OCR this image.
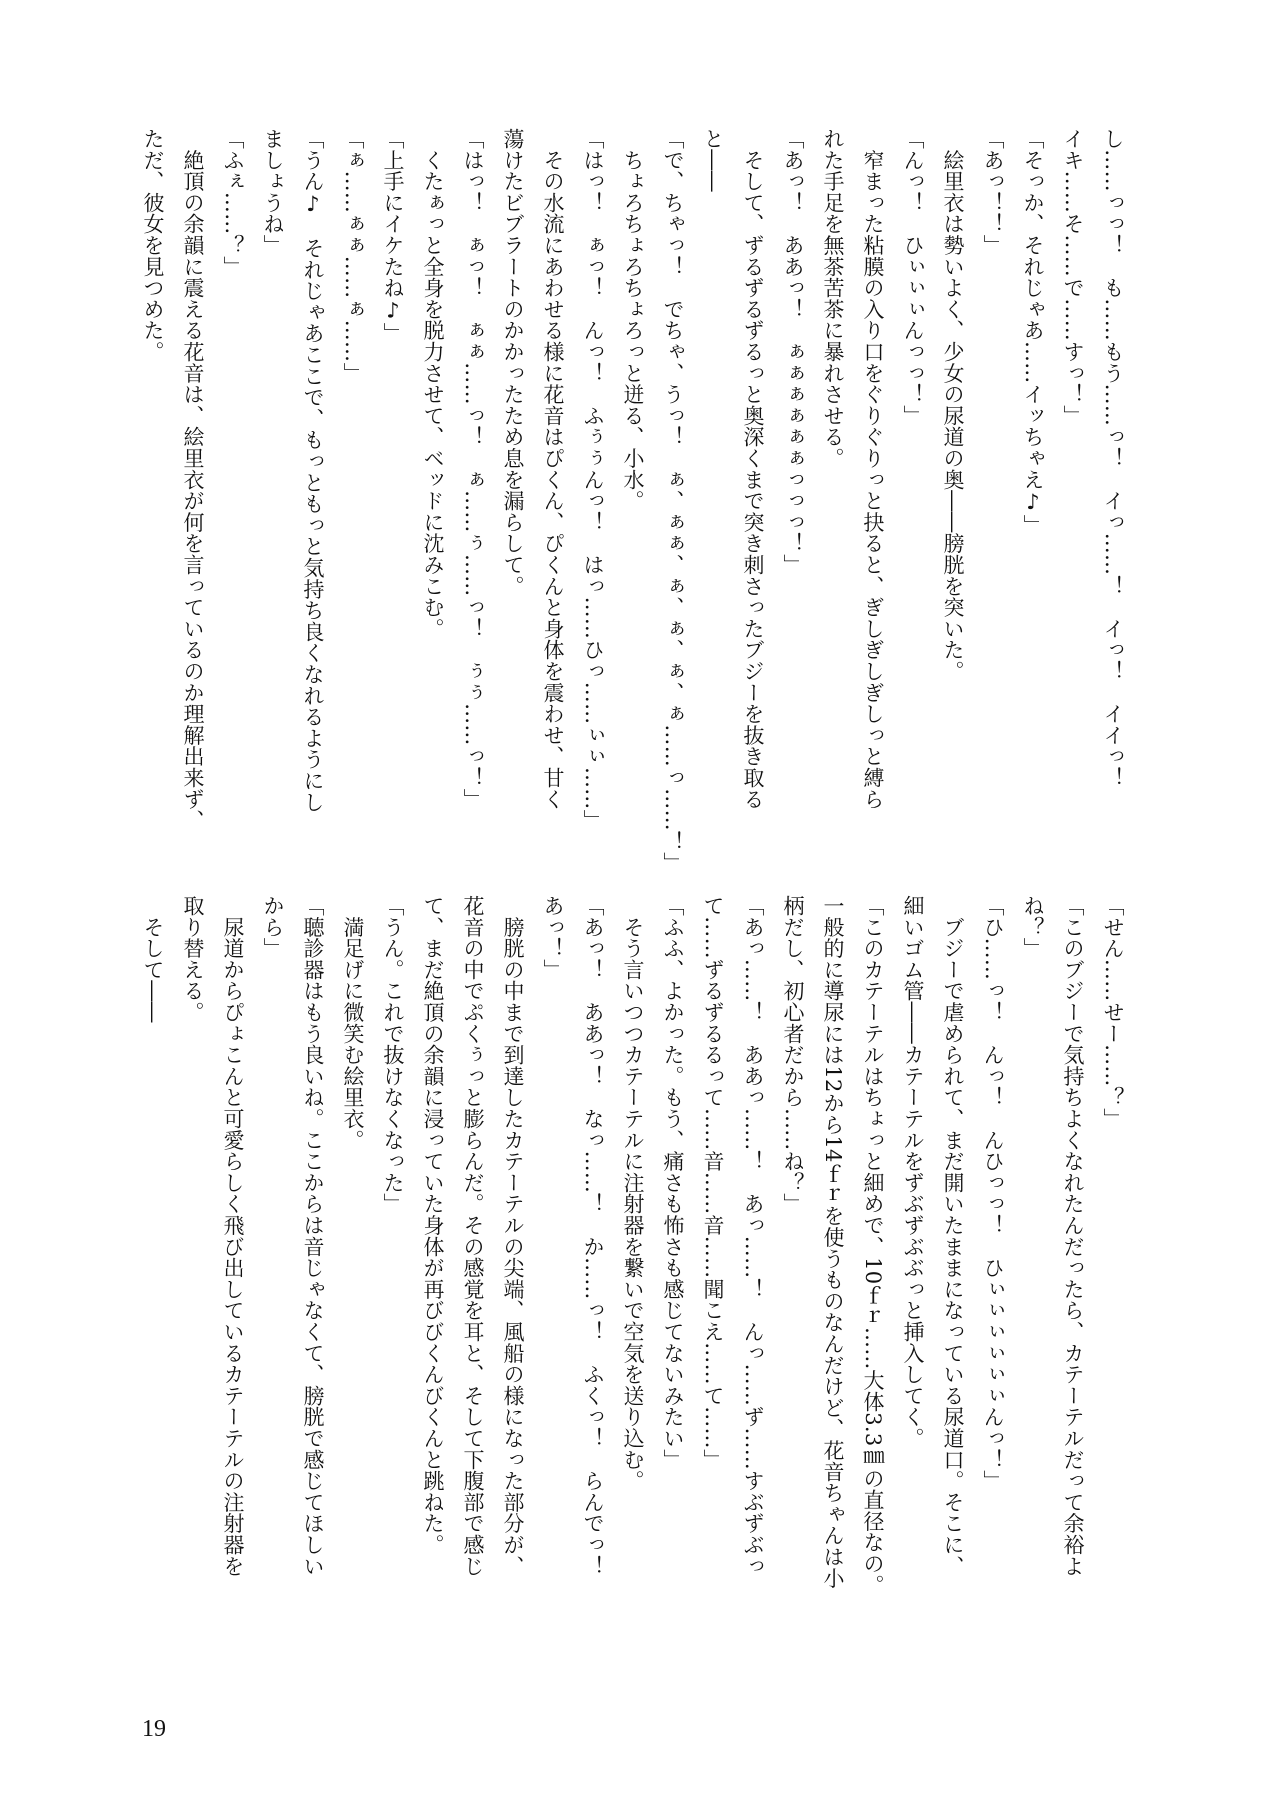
し……っっ！　も……もう……っ！　イっ……！　イっ！　イイっ！
イキ……そ……で……すっ！」
「そっか、それじゃあ……イッちゃえ♪」
「あっ！！」
　絵里衣は勢いよく、少女の尿道の奥――膀胱を突いた。
「んっ！　ひぃぃぃんっっ！」
　窄まった粘膜の入り口をぐりぐりっと抉ると、ぎしぎしぎしっと縛ら
れた手足を無茶苦茶に暴れさせる。
「あっ！　ああっ！　ぁぁぁぁぁぁっっっ！」
　そして、ずるずるずるっと奥深くまで突き刺さったブジーを抜き取る
と――
「で、ちゃっ！　でちゃ、うっ！　ぁ、ぁぁ、ぁ、ぁ、ぁ、ぁ……っ……！」
　ちょろちょろちょろっと迸る、小水。
「はっ！　ぁっ！　んっ！　ふぅぅんっ！　はっ……ひっ……ぃぃ……」
　その水流にあわせる様に花音はぴくん、ぴくんと身体を震わせ、甘く
蕩けたビブラートのかかったため息を漏らして。
「はっ！　ぁっ！　ぁぁ……っ！　ぁ……ぅ……っ！　ぅぅ……っ！」
　くたぁっと全身を脱力させて、ベッドに沈みこむ。
「上手にイケたね♪」
「ぁ……ぁぁ……ぁ……」
「うん♪　それじゃあここで、もっともっと気持ち良くなれるようにし
ましょうね」
「ふぇ……？」
　絶頂の余韻に震える花音は、絵里衣が何を言っているのか理解出来ず、
ただ、彼女を見つめた。
「せん……せー……？」
「このブジーで気持ちよくなれたんだったら、カテーテルだって余裕よ
ね？」
「ひ……っ！　んっ！　んひっっ！　ひぃぃぃぃぃぃんっ！」
　ブジーで虐められて、まだ開いたままになっている尿道口。そこに、
細いゴム管――カテーテルをずぶずぶぶっと挿入してく。
「このカテーテルはちょっと細めで、10ｆｒ……大体3.3㎜の直径なの。
一般的に導尿には12から14ｆｒを使うものなんだけど、花音ちゃんは小
柄だし、初心者だから……ね？」
「あっ……！　ああっ……！　あっ……！　んっ……ず……すぶずぶっ
て……ずるずるるって……音……音……聞こえ……て……」
「ふふ、よかった。もう、痛さも怖さも感じてないみたい」
　そう言いつつカテーテルに注射器を繋いで空気を送り込む。
「あっ！　ああっ！　なっ……！　か……っ！　ふくっ！　らんでっ！
あっ！」
　膀胱の中まで到達したカテーテルの尖端、風船の様になった部分が、
花音の中でぷくぅっと膨らんだ。その感覚を耳と、そして下腹部で感じ
て、まだ絶頂の余韻に浸っていた身体が再びびくんびくんと跳ねた。
「うん。これで抜けなくなった」
　満足げに微笑む絵里衣。
「聴診器はもう良いね。ここからは音じゃなくて、膀胱で感じてほしい
から」
　尿道からぴょこんと可愛らしく飛び出しているカテーテルの注射器を
取り替える。
　そして――
19
